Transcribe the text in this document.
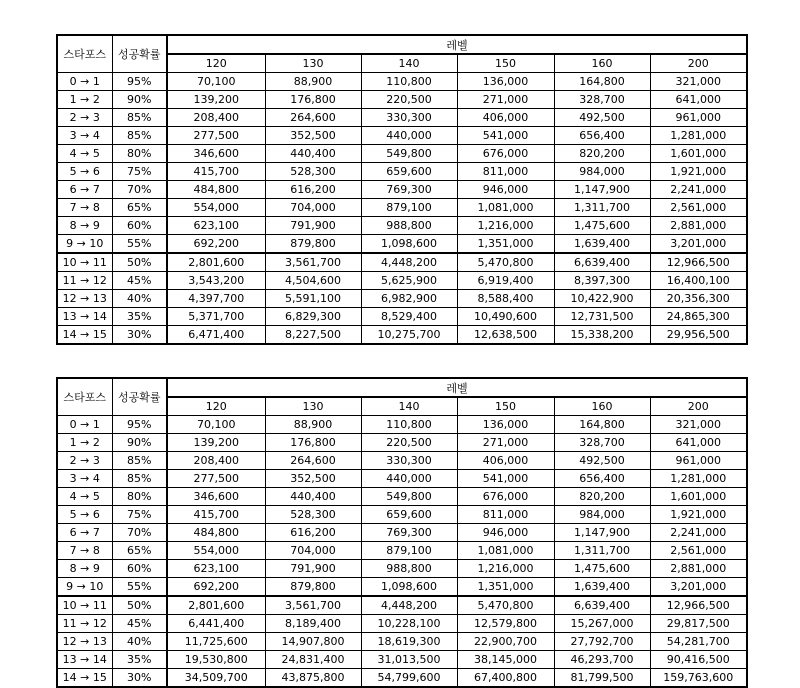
스타포스	성공확률	레벨					
		120	130	140	150	160	200
0 → 1	95%	70,100	88,900	110,800	136,000	164,800	321,000
1 → 2	90%	139,200	176,800	220,500	271,000	328,700	641,000
2 → 3	85%	208,400	264,600	330,300	406,000	492,500	961,000
3 → 4	85%	277,500	352,500	440,000	541,000	656,400	1,281,000
4 → 5	80%	346,600	440,400	549,800	676,000	820,200	1,601,000
5 → 6	75%	415,700	528,300	659,600	811,000	984,000	1,921,000
6 → 7	70%	484,800	616,200	769,300	946,000	1,147,900	2,241,000
7 → 8	65%	554,000	704,000	879,100	1,081,000	1,311,700	2,561,000
8 → 9	60%	623,100	791,900	988,800	1,216,000	1,475,600	2,881,000
9 → 10	55%	692,200	879,800	1,098,600	1,351,000	1,639,400	3,201,000
10 → 11	50%	2,801,600	3,561,700	4,448,200	5,470,800	6,639,400	12,966,500
11 → 12	45%	3,543,200	4,504,600	5,625,900	6,919,400	8,397,300	16,400,100
12 → 13	40%	4,397,700	5,591,100	6,982,900	8,588,400	10,422,900	20,356,300
13 → 14	35%	5,371,700	6,829,300	8,529,400	10,490,600	12,731,500	24,865,300
14 → 15	30%	6,471,400	8,227,500	10,275,700	12,638,500	15,338,200	29,956,500
스타포스	성공확률	레벨					
		120	130	140	150	160	200
0 → 1	95%	70,100	88,900	110,800	136,000	164,800	321,000
1 → 2	90%	139,200	176,800	220,500	271,000	328,700	641,000
2 → 3	85%	208,400	264,600	330,300	406,000	492,500	961,000
3 → 4	85%	277,500	352,500	440,000	541,000	656,400	1,281,000
4 → 5	80%	346,600	440,400	549,800	676,000	820,200	1,601,000
5 → 6	75%	415,700	528,300	659,600	811,000	984,000	1,921,000
6 → 7	70%	484,800	616,200	769,300	946,000	1,147,900	2,241,000
7 → 8	65%	554,000	704,000	879,100	1,081,000	1,311,700	2,561,000
8 → 9	60%	623,100	791,900	988,800	1,216,000	1,475,600	2,881,000
9 → 10	55%	692,200	879,800	1,098,600	1,351,000	1,639,400	3,201,000
10 → 11	50%	2,801,600	3,561,700	4,448,200	5,470,800	6,639,400	12,966,500
11 → 12	45%	6,441,400	8,189,400	10,228,100	12,579,800	15,267,000	29,817,500
12 → 13	40%	11,725,600	14,907,800	18,619,300	22,900,700	27,792,700	54,281,700
13 → 14	35%	19,530,800	24,831,400	31,013,500	38,145,000	46,293,700	90,416,500
14 → 15	30%	34,509,700	43,875,800	54,799,600	67,400,800	81,799,500	159,763,600
